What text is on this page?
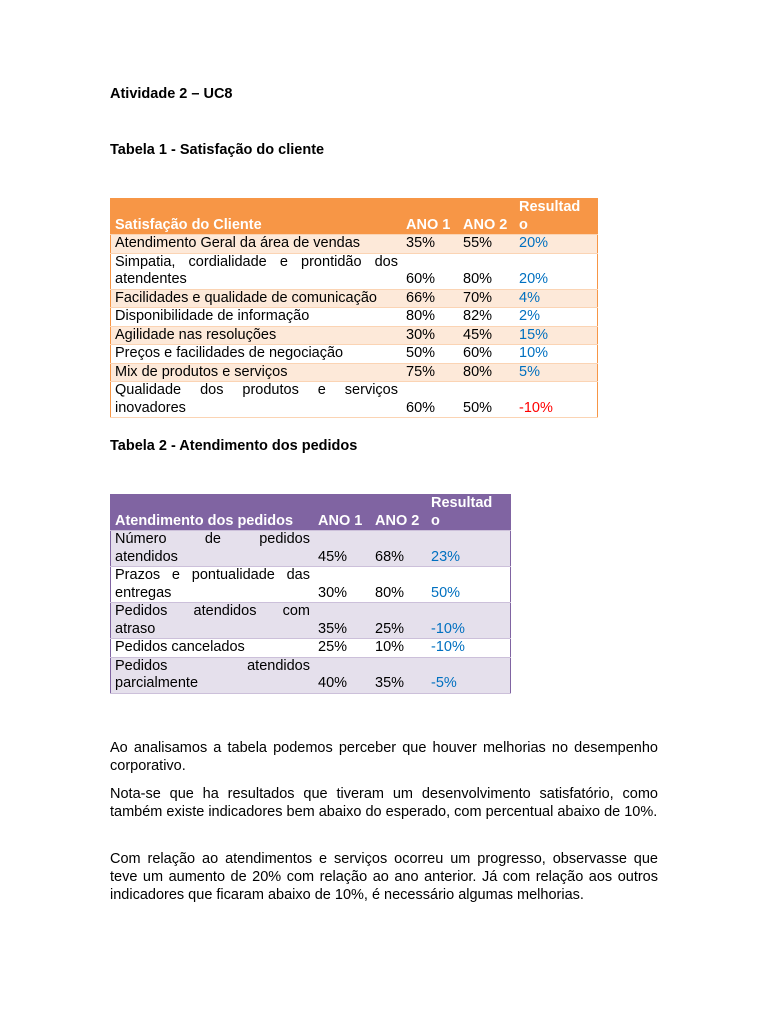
Atividade 2 – UC8

Tabela 1 - Satisfação do cliente

Satisfação do Cliente	ANO 1	ANO 2	Resultad
o
Atendimento Geral da área de vendas	35%	55%	20%

Simpatia, cordialidade e prontidão dos
atendentes	60%	80%	20%
Facilidades e qualidade de comunicação	66%	70%	4%
Disponibilidade de informação	80%	82%	2%
Agilidade nas resoluções	30%	45%	15%
Preços e facilidades de negociação	50%	60%	10%
Mix de produtos e serviços	75%	80%	5%

Qualidade dos produtos e serviços
inovadores	60%	50%	-10%

Tabela 2 - Atendimento dos pedidos

Atendimento dos pedidos	ANO 1	ANO 2	Resultad
o

Número de pedidos
atendidos	45%	68%	23%

Prazos e pontualidade das
entregas	30%	80%	50%

Pedidos atendidos com
atraso	35%	25%	-10%
Pedidos cancelados	25%	10%	-10%

Pedidos atendidos
parcialmente	40%	35%	-5%

Ao analisamos a tabela podemos perceber que houver melhorias no desempenho corporativo.

Nota-se que ha resultados que tiveram um desenvolvimento satisfatório, como também existe indicadores bem abaixo do esperado, com percentual abaixo de 10%.

Com relação ao atendimentos e serviços ocorreu um progresso, observasse que teve um aumento de 20% com relação ao ano anterior. Já com relação aos outros indicadores que ficaram abaixo de 10%, é necessário algumas melhorias.
